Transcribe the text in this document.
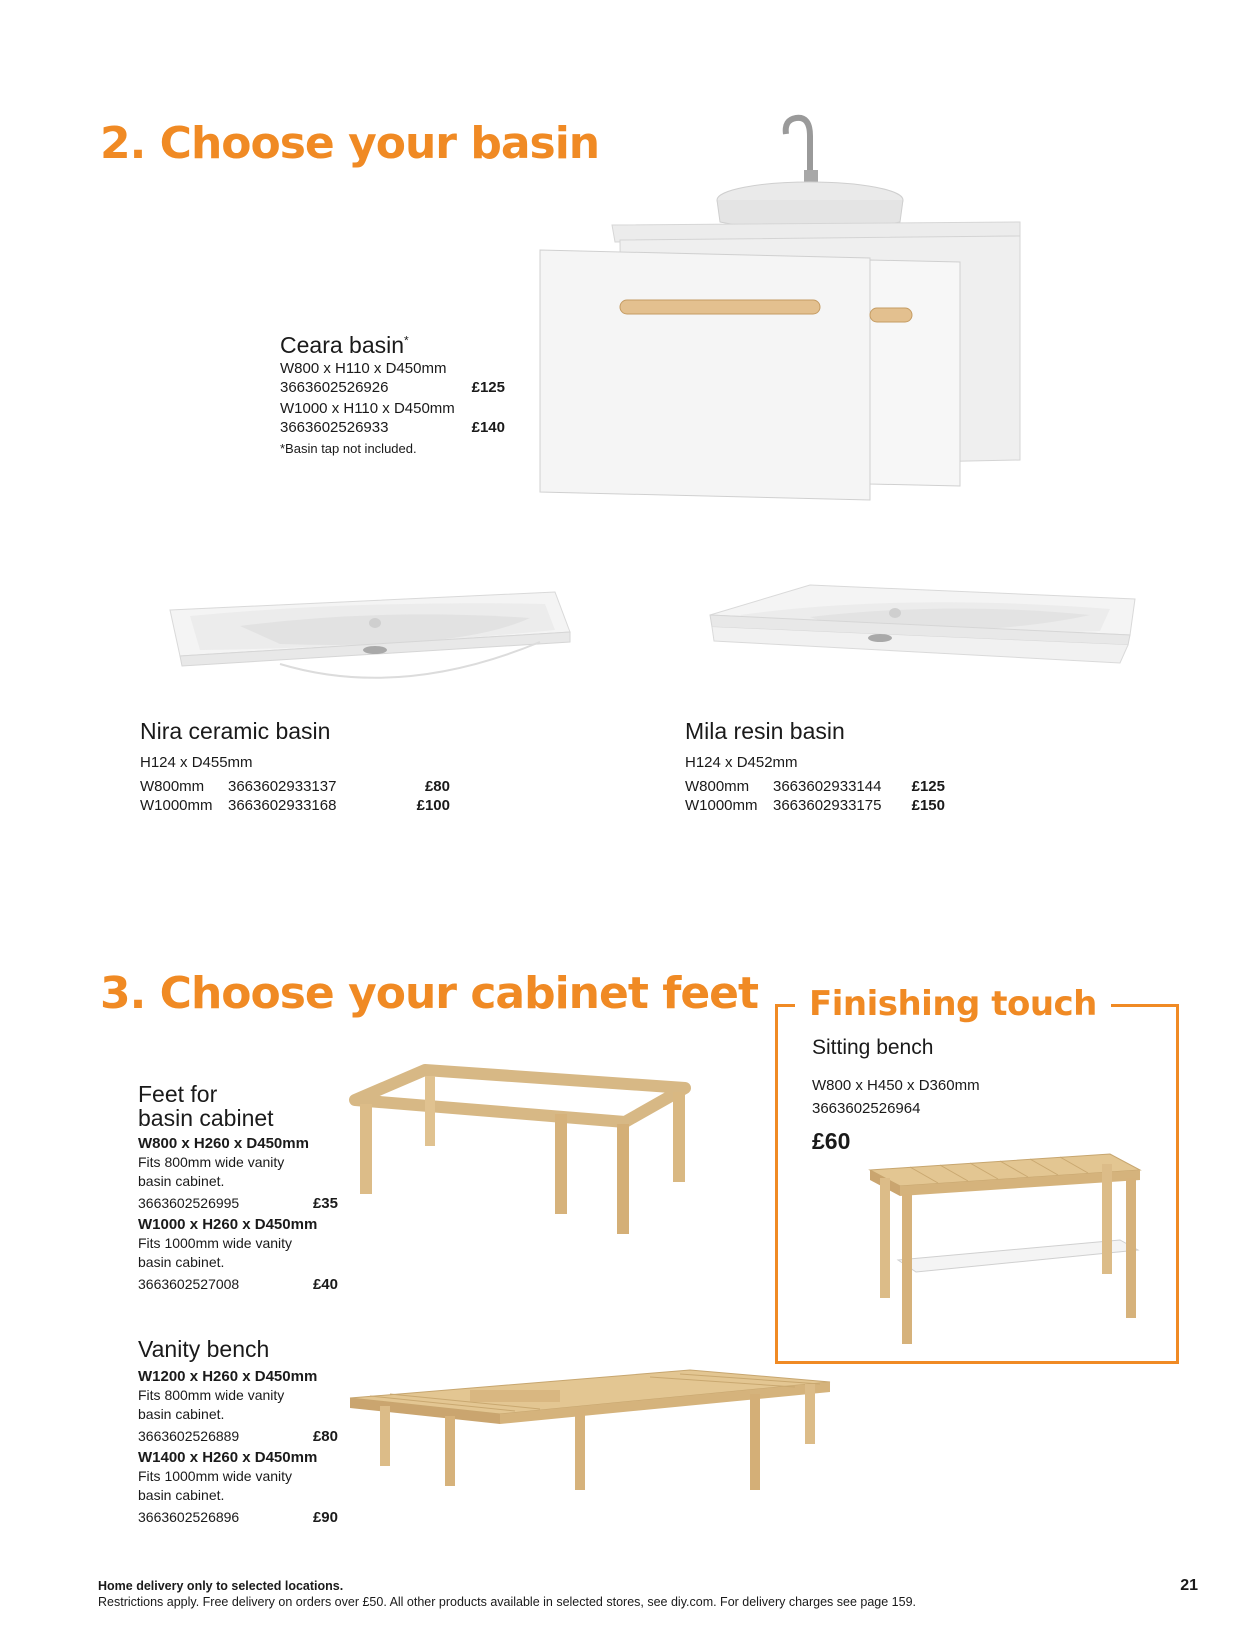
2. Choose your basin
Ceara basin*
W800 x H110 x D450mm
3663602526926	£125
W1000 x H110 x D450mm
3663602526933	£140
*Basin tap not included.
Nira ceramic basin
H124 x D455mm
W800mm 3663602933137	£80
W1000mm 3663602933168	£100
Mila resin basin
H124 x D452mm
W800mm 3663602933144 £125
W1000mm 3663602933175 £150
3. Choose your cabinet feet Finishing touch
Sitting bench
W800 x H450 x D360mm
3663602526964
£60
Feet for
basin cabinet
W800 x H260 x D450mm
Fits 800mm wide vanity
basin cabinet.
3663602526995	£35
W1000 x H260 x D450mm
Fits 1000mm wide vanity
basin cabinet.
3663602527008	£40
Vanity bench
W1200 x H260 x D450mm
Fits 800mm wide vanity
basin cabinet.
3663602526889	£80
W1400 x H260 x D450mm
Fits 1000mm wide vanity
basin cabinet.
3663602526896	£90
Home delivery only to selected locations.
Restrictions apply. Free delivery on orders over £50. All other products available in selected stores, see diy.com. For delivery charges see page 159.
21
